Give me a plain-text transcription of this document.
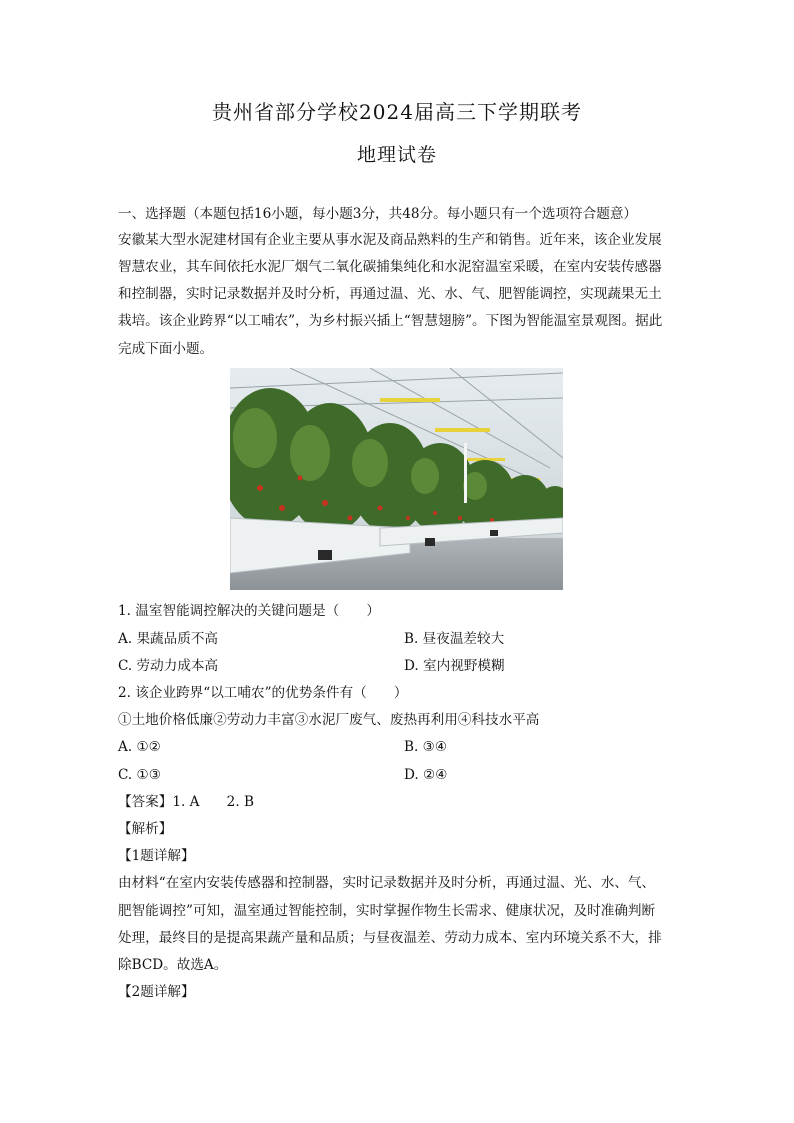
贵州省部分学校2024届高三下学期联考
地理试卷
一、选择题（本题包括16小题，每小题3分，共48分。每小题只有一个选项符合题意）
安徽某大型水泥建材国有企业主要从事水泥及商品熟料的生产和销售。近年来，该企业发展
智慧农业，其车间依托水泥厂烟气二氧化碳捕集纯化和水泥窑温室采暖，在室内安装传感器
和控制器，实时记录数据并及时分析，再通过温、光、水、气、肥智能调控，实现蔬果无土
栽培。该企业跨界“以工哺农”，为乡村振兴插上“智慧翅膀”。下图为智能温室景观图。据此
完成下面小题。
1. 温室智能调控解决的关键问题是（　　）
A. 果蔬品质不高	B. 昼夜温差较大
C. 劳动力成本高	D. 室内视野模糊
2. 该企业跨界“以工哺农”的优势条件有（　　）
①土地价格低廉②劳动力丰富③水泥厂废气、废热再利用④科技水平高
A. ①②	B. ③④
C. ①③	D. ②④
【答案】1. A　　2. B
【解析】
【1题详解】
由材料“在室内安装传感器和控制器，实时记录数据并及时分析，再通过温、光、水、气、
肥智能调控”可知，温室通过智能控制，实时掌握作物生长需求、健康状况，及时准确判断
处理，最终目的是提高果蔬产量和品质；与昼夜温差、劳动力成本、室内环境关系不大，排
除BCD。故选A。
【2题详解】
